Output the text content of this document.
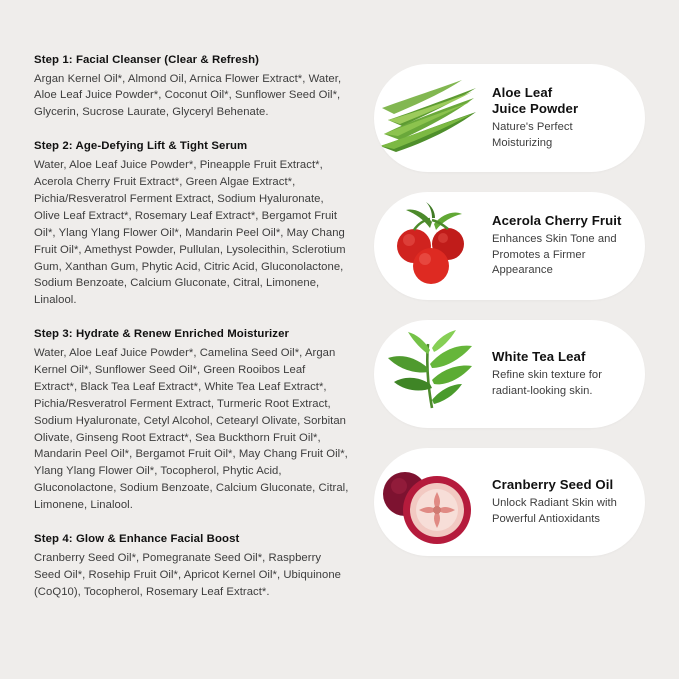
Step 1: Facial Cleanser (Clear & Refresh)
Argan Kernel Oil*, Almond Oil, Arnica Flower Extract*, Water, Aloe Leaf Juice Powder*, Coconut Oil*, Sunflower Seed Oil*, Glycerin, Sucrose Laurate, Glyceryl Behenate.
Step 2: Age-Defying Lift & Tight Serum
Water, Aloe Leaf Juice Powder*, Pineapple Fruit Extract*, Acerola Cherry Fruit Extract*, Green Algae Extract*, Pichia/Resveratrol Ferment Extract, Sodium Hyaluronate, Olive Leaf Extract*, Rosemary Leaf Extract*, Bergamot Fruit Oil*, Ylang Ylang Flower Oil*, Mandarin Peel Oil*, May Chang Fruit Oil*, Amethyst Powder, Pullulan, Lysolecithin, Sclerotium Gum, Xanthan Gum, Phytic Acid, Citric Acid, Gluconolactone, Sodium Benzoate, Calcium Gluconate, Citral, Limonene, Linalool.
Step 3: Hydrate & Renew Enriched Moisturizer
Water, Aloe Leaf Juice Powder*, Camelina Seed Oil*, Argan Kernel Oil*, Sunflower Seed Oil*, Green Rooibos Leaf Extract*, Black Tea Leaf Extract*, White Tea Leaf Extract*, Pichia/Resveratrol Ferment Extract, Turmeric Root Extract, Sodium Hyaluronate, Cetyl Alcohol, Cetearyl Olivate, Sorbitan Olivate, Ginseng Root Extract*, Sea Buckthorn Fruit Oil*, Mandarin Peel Oil*, Bergamot Fruit Oil*, May Chang Fruit Oil*, Ylang Ylang Flower Oil*, Tocopherol, Phytic Acid, Gluconolactone, Sodium Benzoate, Calcium Gluconate, Citral, Limonene, Linalool.
Step 4: Glow & Enhance Facial Boost
Cranberry Seed Oil*, Pomegranate Seed Oil*, Raspberry Seed Oil*, Rosehip Fruit Oil*, Apricot Kernel Oil*, Ubiquinone (CoQ10), Tocopherol, Rosemary Leaf Extract*.
Aloe Leaf
Juice Powder
Nature's Perfect
Moisturizing
Acerola Cherry Fruit
Enhances Skin Tone and Promotes a Firmer Appearance
White Tea Leaf
Refine skin texture for radiant-looking skin.
Cranberry Seed Oil
Unlock Radiant Skin with Powerful Antioxidants
